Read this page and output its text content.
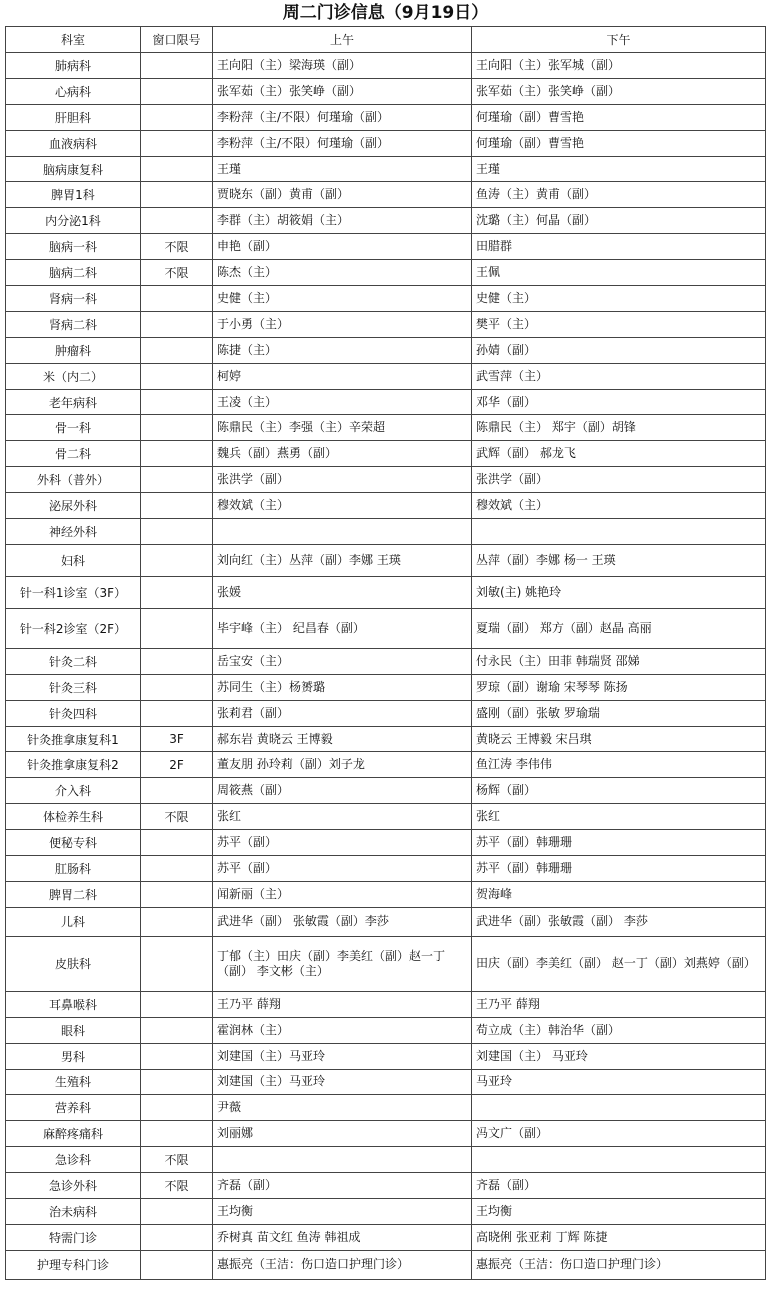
周二门诊信息（9月19日）
科室	窗口限号	上午	下午
肺病科		王向阳（主）梁海瑛（副）	王向阳（主）张军城（副）
心病科		张军茹（主）张笑峥（副）	张军茹（主）张笑峥（副）
肝胆科		李粉萍（主/不限）何瑾瑜（副）	何瑾瑜（副）曹雪艳
血液病科		李粉萍（主/不限）何瑾瑜（副）	何瑾瑜（副）曹雪艳
脑病康复科		王瑾	王瑾
脾胃1科		贾晓东（副）黄甫（副）	鱼涛（主）黄甫（副）
内分泌1科		李群（主）胡筱娟（主）	沈璐（主）何晶（副）
脑病一科	不限	申艳（副）	田腊群
脑病二科	不限	陈杰（主）	王佩
肾病一科		史健（主）	史健（主）
肾病二科		于小勇（主）	樊平（主）
肿瘤科		陈捷（主）	孙婧（副）
米（内二）		柯婷	武雪萍（主）
老年病科		王凌（主）	邓华（副）
骨一科		陈鼎民（主）李强（主）辛荣超	陈鼎民（主） 郑宇（副）胡锋
骨二科		魏兵（副）燕勇（副）	武辉（副） 郝龙飞
外科（普外）		张洪学（副）	张洪学（副）
泌尿外科		穆效斌（主）	穆效斌（主）
神经外科			
妇科		刘向红（主）丛萍（副）李娜 王瑛	丛萍（副）李娜 杨一 王瑛
针一科1诊室（3F）		张媛	刘敏(主) 姚艳玲
针一科2诊室（2F）		毕宇峰（主） 纪昌春（副）	夏瑞（副） 郑方（副）赵晶 高丽
针灸二科		岳宝安（主）	付永民（主）田菲 韩瑞贤 邵娣
针灸三科		苏同生（主）杨赟璐	罗琼（副）谢瑜 宋琴琴 陈扬
针灸四科		张莉君（副）	盛刚（副）张敏 罗瑜瑞
针灸推拿康复科1	3F	郝东岩 黄晓云 王博毅	黄晓云 王博毅 宋吕琪
针灸推拿康复科2	2F	董友朋 孙玲莉（副）刘子龙	鱼江涛 李伟伟
介入科		周筱燕（副）	杨辉（副）
体检养生科	不限	张红	张红
便秘专科		苏平（副）	苏平（副）韩珊珊
肛肠科		苏平（副）	苏平（副）韩珊珊
脾胃二科		闻新丽（主）	贺海峰
儿科		武进华（副） 张敏霞（副）李莎	武进华（副）张敏霞（副） 李莎
皮肤科		丁郁（主）田庆（副）李美红（副）赵一丁（副） 李文彬（主）	田庆（副）李美红（副） 赵一丁（副）刘燕婷（副）
耳鼻喉科		王乃平 薛翔	王乃平 薛翔
眼科		霍润林（主）	苟立成（主）韩治华（副）
男科		刘建国（主）马亚玲	刘建国（主） 马亚玲
生殖科		刘建国（主）马亚玲	马亚玲
营养科		尹薇	
麻醉疼痛科		刘丽娜	冯文广（副）
急诊科	不限		
急诊外科	不限	齐磊（副）	齐磊（副）
治未病科		王均衡	王均衡
特需门诊		乔树真 苗文红 鱼涛 韩祖成	高晓俐 张亚莉 丁辉 陈捷
护理专科门诊		惠振亮（王洁：伤口造口护理门诊）	惠振亮（王洁：伤口造口护理门诊）
